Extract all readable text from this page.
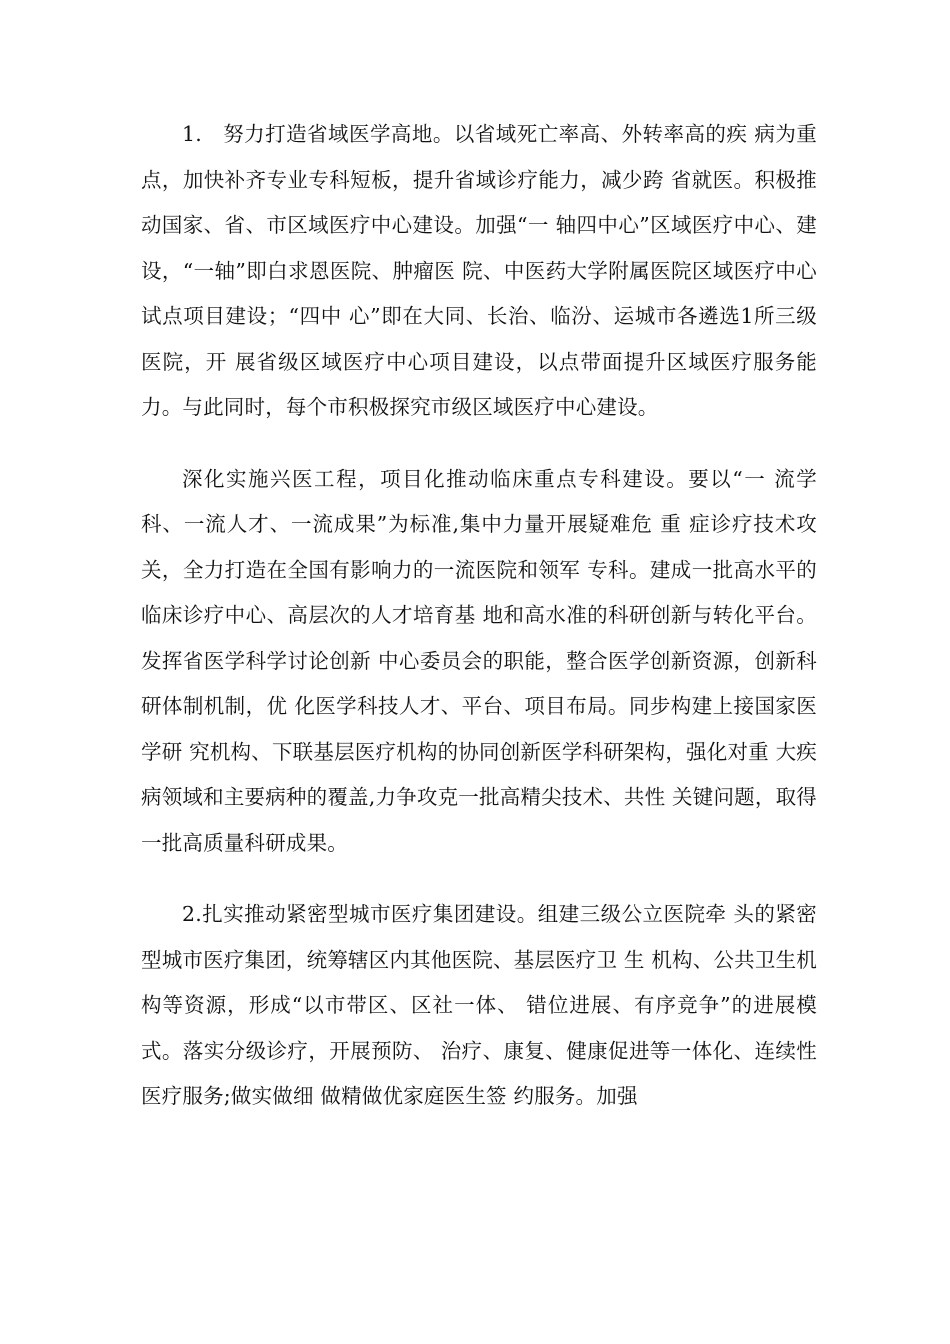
1.　努力打造省域医学高地。以省域死亡率高、外转率高的疾 病为重点，加快补齐专业专科短板，提升省域诊疗能力，减少跨 省就医。积极推动国家、省、市区域医疗中心建设。加强“一 轴四中心”区域医疗中心、建设，“一轴”即白求恩医院、肿瘤医 院、中医药大学附属医院区域医疗中心试点项目建设；“四中 心”即在大同、长治、临汾、运城市各遴选1所三级医院，开 展省级区域医疗中心项目建设，以点带面提升区域医疗服务能 力。与此同时，每个市积极探究市级区域医疗中心建设。

深化实施兴医工程，项目化推动临床重点专科建设。要以“一 流学科、一流人才、一流成果”为标准,集中力量开展疑难危 重 症诊疗技术攻关，全力打造在全国有影响力的一流医院和领军 专科。建成一批高水平的临床诊疗中心、高层次的人才培育基 地和高水准的科研创新与转化平台。发挥省医学科学讨论创新 中心委员会的职能，整合医学创新资源，创新科研体制机制，优 化医学科技人才、平台、项目布局。同步构建上接国家医学研 究机构、下联基层医疗机构的协同创新医学科研架构，强化对重 大疾病领域和主要病种的覆盖,力争攻克一批高精尖技术、共性 关键问题，取得一批高质量科研成果。

2.扎实推动紧密型城市医疗集团建设。组建三级公立医院牵 头的紧密型城市医疗集团，统筹辖区内其他医院、基层医疗卫 生 机构、公共卫生机构等资源，形成“以市带区、区社一体、 错位进展、有序竞争”的进展模式。落实分级诊疗，开展预防、 治疗、康复、健康促进等一体化、连续性医疗服务;做实做细 做精做优家庭医生签 约服务。加强
